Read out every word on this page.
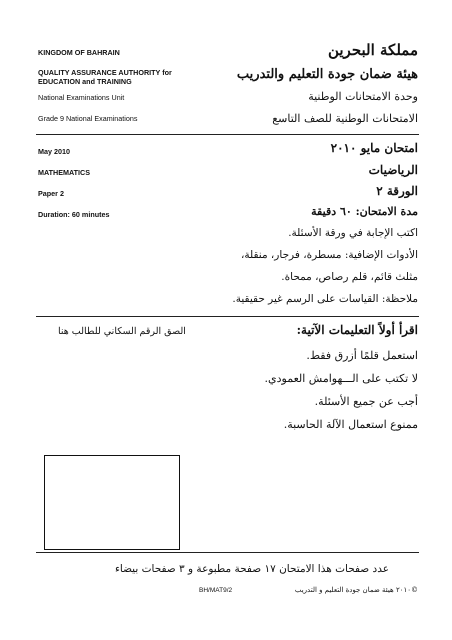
KINGDOM OF BAHRAIN
QUALITY ASSURANCE AUTHORITY for
EDUCATION and TRAINING
National Examinations Unit
Grade 9 National Examinations
مملكة البحرين
هيئة ضمان جودة التعليم والتدريب
وحدة الامتحانات الوطنية
الامتحانات الوطنية للصف التاسع
May 2010
MATHEMATICS
Paper 2
Duration: 60 minutes
امتحان مايو ٢٠١٠
الرياضيات
الورقة ٢
مدة الامتحان: ٦٠ دقيقة
اكتب الإجابة في ورقة الأسئلة.
الأدوات الإضافية: مسطرة، فرجار، منقلة،
مثلث قائم، قلم رصاص، ممحاة.
ملاحظة: القياسات على الرسم غير حقيقية.
الصق الرقم السكاني للطالب هنا	اقرأ أولاً التعليمات الآتية:
استعمل قلمًا أزرق فقط.
لا تكتب على الـــهوامش العمودي.
أجب عن جميع الأسئلة.
ممنوع استعمال الآلة الحاسبة.
عدد صفحات هذا الامتحان ١٧ صفحة مطبوعة و ٣ صفحات بيضاء
BH/MAT9/2	©٢٠١٠ هيئة ضمان جودة التعليم و التدريب
